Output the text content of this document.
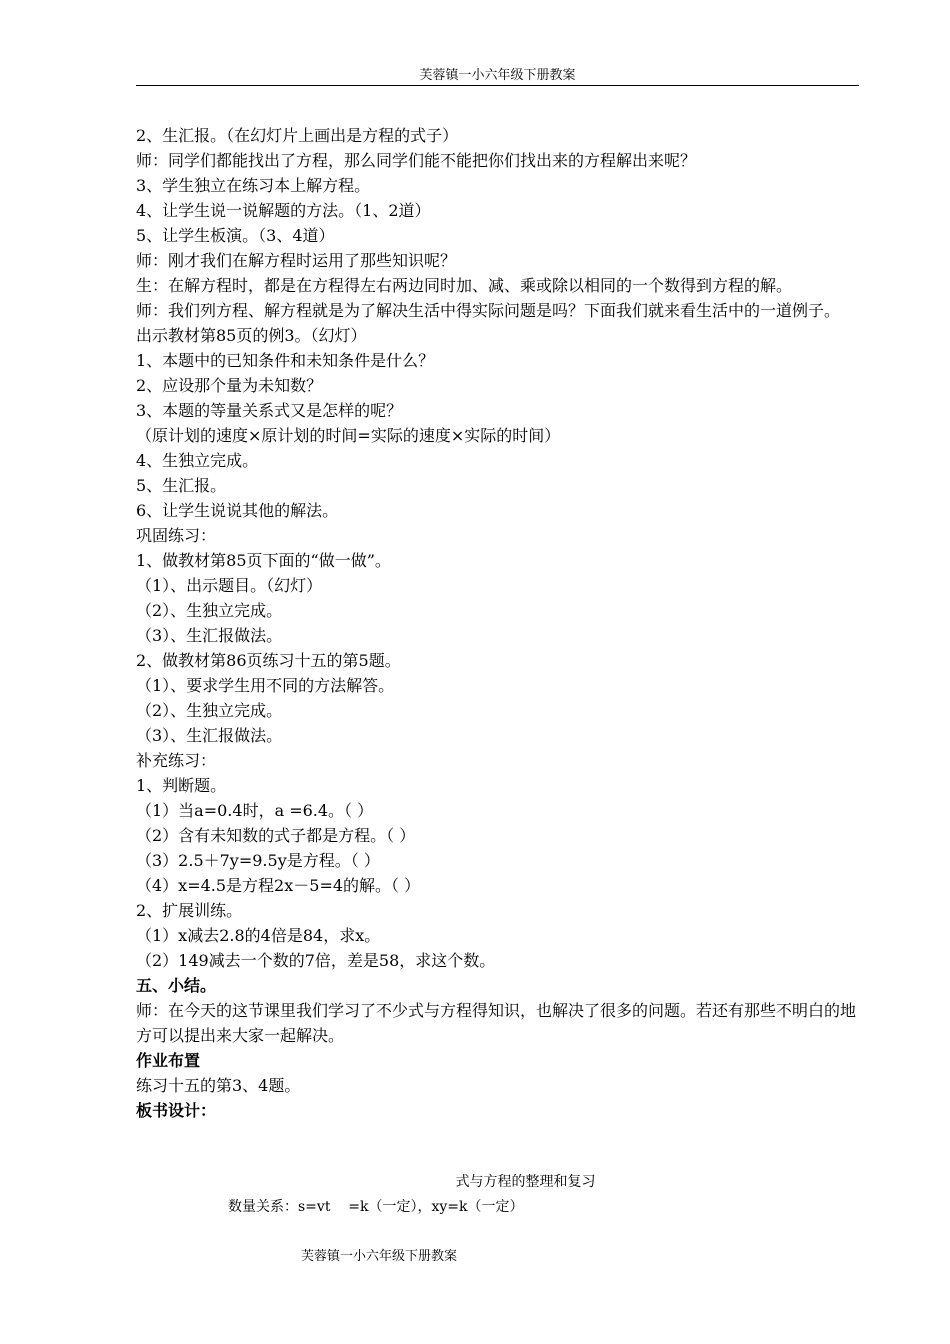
芙蓉镇一小六年级下册教案

2、生汇报。（在幻灯片上画出是方程的式子）

师：同学们都能找出了方程，那么同学们能不能把你们找出来的方程解出来呢？

3、学生独立在练习本上解方程。

4、让学生说一说解题的方法。（1、2道）

5、让学生板演。（3、4道）

师：刚才我们在解方程时运用了那些知识呢？

生：在解方程时，都是在方程得左右两边同时加、减、乘或除以相同的一个数得到方程的解。

师：我们列方程、解方程就是为了解决生活中得实际问题是吗？下面我们就来看生活中的一道例子。

出示教材第85页的例3。（幻灯）

1、本题中的已知条件和未知条件是什么？

2、应设那个量为未知数？

3、本题的等量关系式又是怎样的呢？

（原计划的速度×原计划的时间=实际的速度×实际的时间）

4、生独立完成。

5、生汇报。

6、让学生说说其他的解法。

巩固练习：

1、做教材第85页下面的“做一做”。

（1）、出示题目。（幻灯）

（2）、生独立完成。

（3）、生汇报做法。

2、做教材第86页练习十五的第5题。

（1）、要求学生用不同的方法解答。

（2）、生独立完成。

（3）、生汇报做法。

补充练习：

1、判断题。

（1）当a=0.4时，a =6.4。（ ）

（2）含有未知数的式子都是方程。（ ）

（3）2.5＋7y=9.5y是方程。（ ）

（4）x=4.5是方程2x－5=4的解。（ ）

2、扩展训练。

（1）x减去2.8的4倍是84，求x。

（2）149减去一个数的7倍，差是58，求这个数。

五、小结。

师：在今天的这节课里我们学习了不少式与方程得知识，也解决了很多的问题。若还有那些不明白的地方可以提出来大家一起解决。

作业布置

练习十五的第3、4题。

板书设计：

式与方程的整理和复习
数量关系：s=vt    =k（一定），xy=k（一定）
芙蓉镇一小六年级下册教案
